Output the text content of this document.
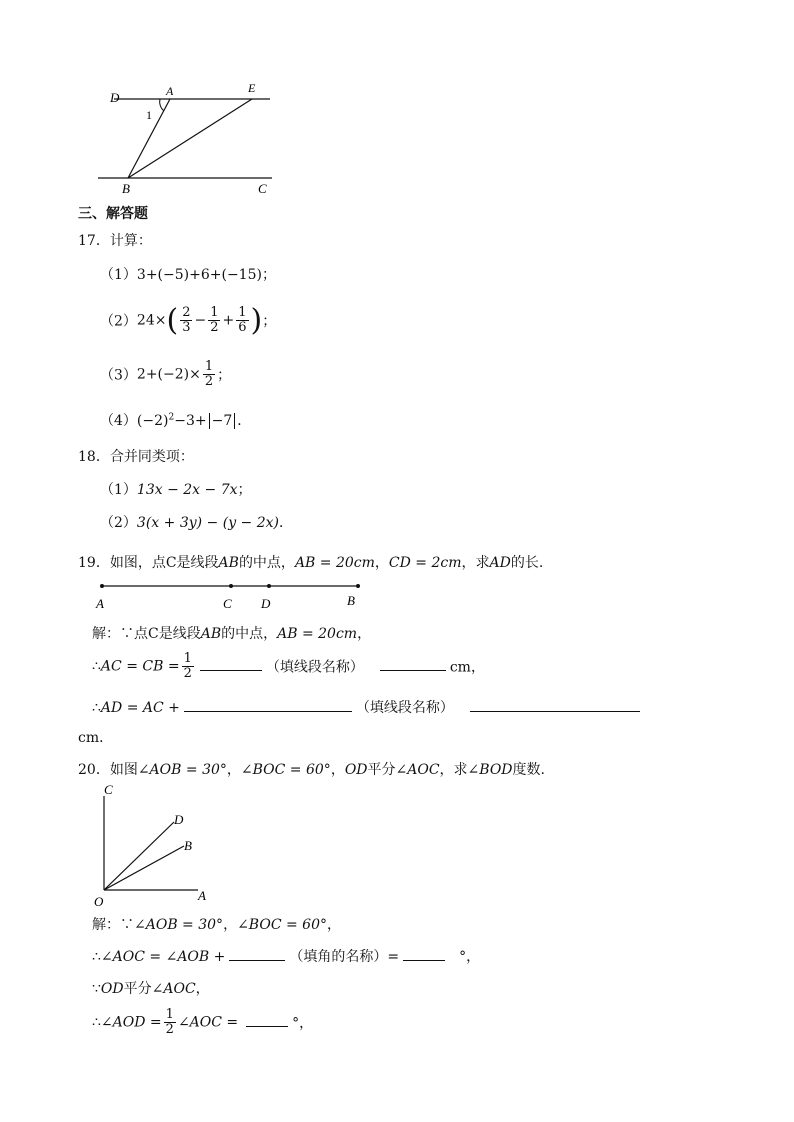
D	A	E
1
B	C
三、解答题
17．计算：
（1）3+(−5)+6+(−15)；
$(2)24\times( \frac{2}{3} - \frac{1}{2} + \frac{1}{6}$ )；
$(3)2+(-2)\times \frac{1}{2}$ ；
$(4)(-2)^2-3+ -7$ ．
18．合并同类项：
（1）13x − 2x − 7x；
（2）3(x + 3y) − (y − 2x)．
19．如图，点C是线段AB的中点，AB = 20cm，CD = 2cm，求AD的长.
A	C D	B
解：∵点C是线段AB的中点，AB = 20cm，
∴AC = CB = $\frac{1}{2}$	（填线段名称）	cm，
∴AD = AC +	（填线段名称）
cm．
20．如图∠AOB = 30°，∠BOC = 60°，OD平分∠AOC，求∠BOD度数.
C
D
B
O	A
解：∵∠AOB = 30°，∠BOC = 60°，
∴∠AOC = ∠AOB +	（填角的名称）=	°，
∵OD平分∠AOC，
∴∠AOD = $\frac{1}{2}$ ∠AOC =	°，
